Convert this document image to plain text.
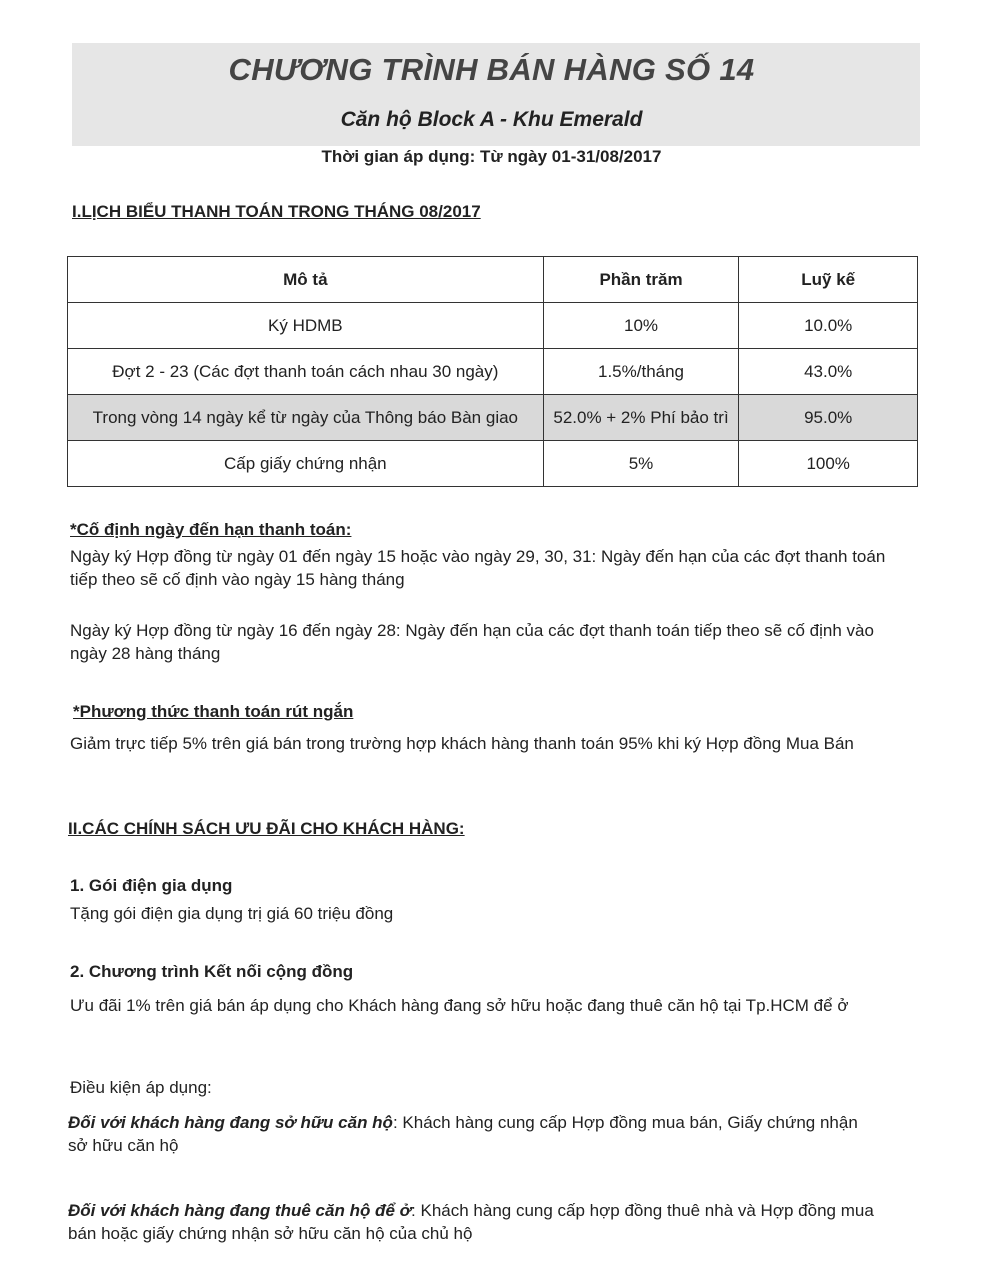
CHƯƠNG TRÌNH BÁN HÀNG SỐ 14
Căn hộ Block A - Khu Emerald
Thời gian áp dụng: Từ ngày 01-31/08/2017
I.LỊCH BIỂU THANH TOÁN TRONG THÁNG 08/2017
Mô tả	Phần trăm	Luỹ kế
Ký HDMB	10%	10.0%
Đợt 2 - 23 (Các đợt thanh toán cách nhau 30 ngày)	1.5%/tháng	43.0%
Trong vòng 14 ngày kể từ ngày của Thông báo Bàn giao	52.0% + 2% Phí bảo trì	95.0%
Cấp giấy chứng nhận	5%	100%
*Cố định ngày đến hạn thanh toán:
Ngày ký Hợp đồng từ ngày 01 đến ngày 15 hoặc vào ngày 29, 30, 31: Ngày đến hạn của các đợt thanh toán tiếp theo sẽ cố định vào ngày 15 hàng tháng
Ngày ký Hợp đồng từ ngày 16 đến ngày 28: Ngày đến hạn của các đợt thanh toán tiếp theo sẽ cố định vào ngày 28 hàng tháng
*Phương thức thanh toán rút ngắn
Giảm trực tiếp 5% trên giá bán trong trường hợp khách hàng thanh toán 95% khi ký Hợp đồng Mua Bán
II.CÁC CHÍNH SÁCH ƯU ĐÃI CHO KHÁCH HÀNG:
1. Gói điện gia dụng
Tặng gói điện gia dụng trị giá 60 triệu đồng
2. Chương trình Kết nối cộng đồng
Ưu đãi 1% trên giá bán áp dụng cho Khách hàng đang sở hữu hoặc đang thuê căn hộ tại Tp.HCM để ở
Điều kiện áp dụng:
Đối với khách hàng đang sở hữu căn hộ: Khách hàng cung cấp Hợp đồng mua bán, Giấy chứng nhận sở hữu căn hộ
Đối với khách hàng đang thuê căn hộ để ở: Khách hàng cung cấp hợp đồng thuê nhà và Hợp đồng mua bán hoặc giấy chứng nhận sở hữu căn hộ của chủ hộ
